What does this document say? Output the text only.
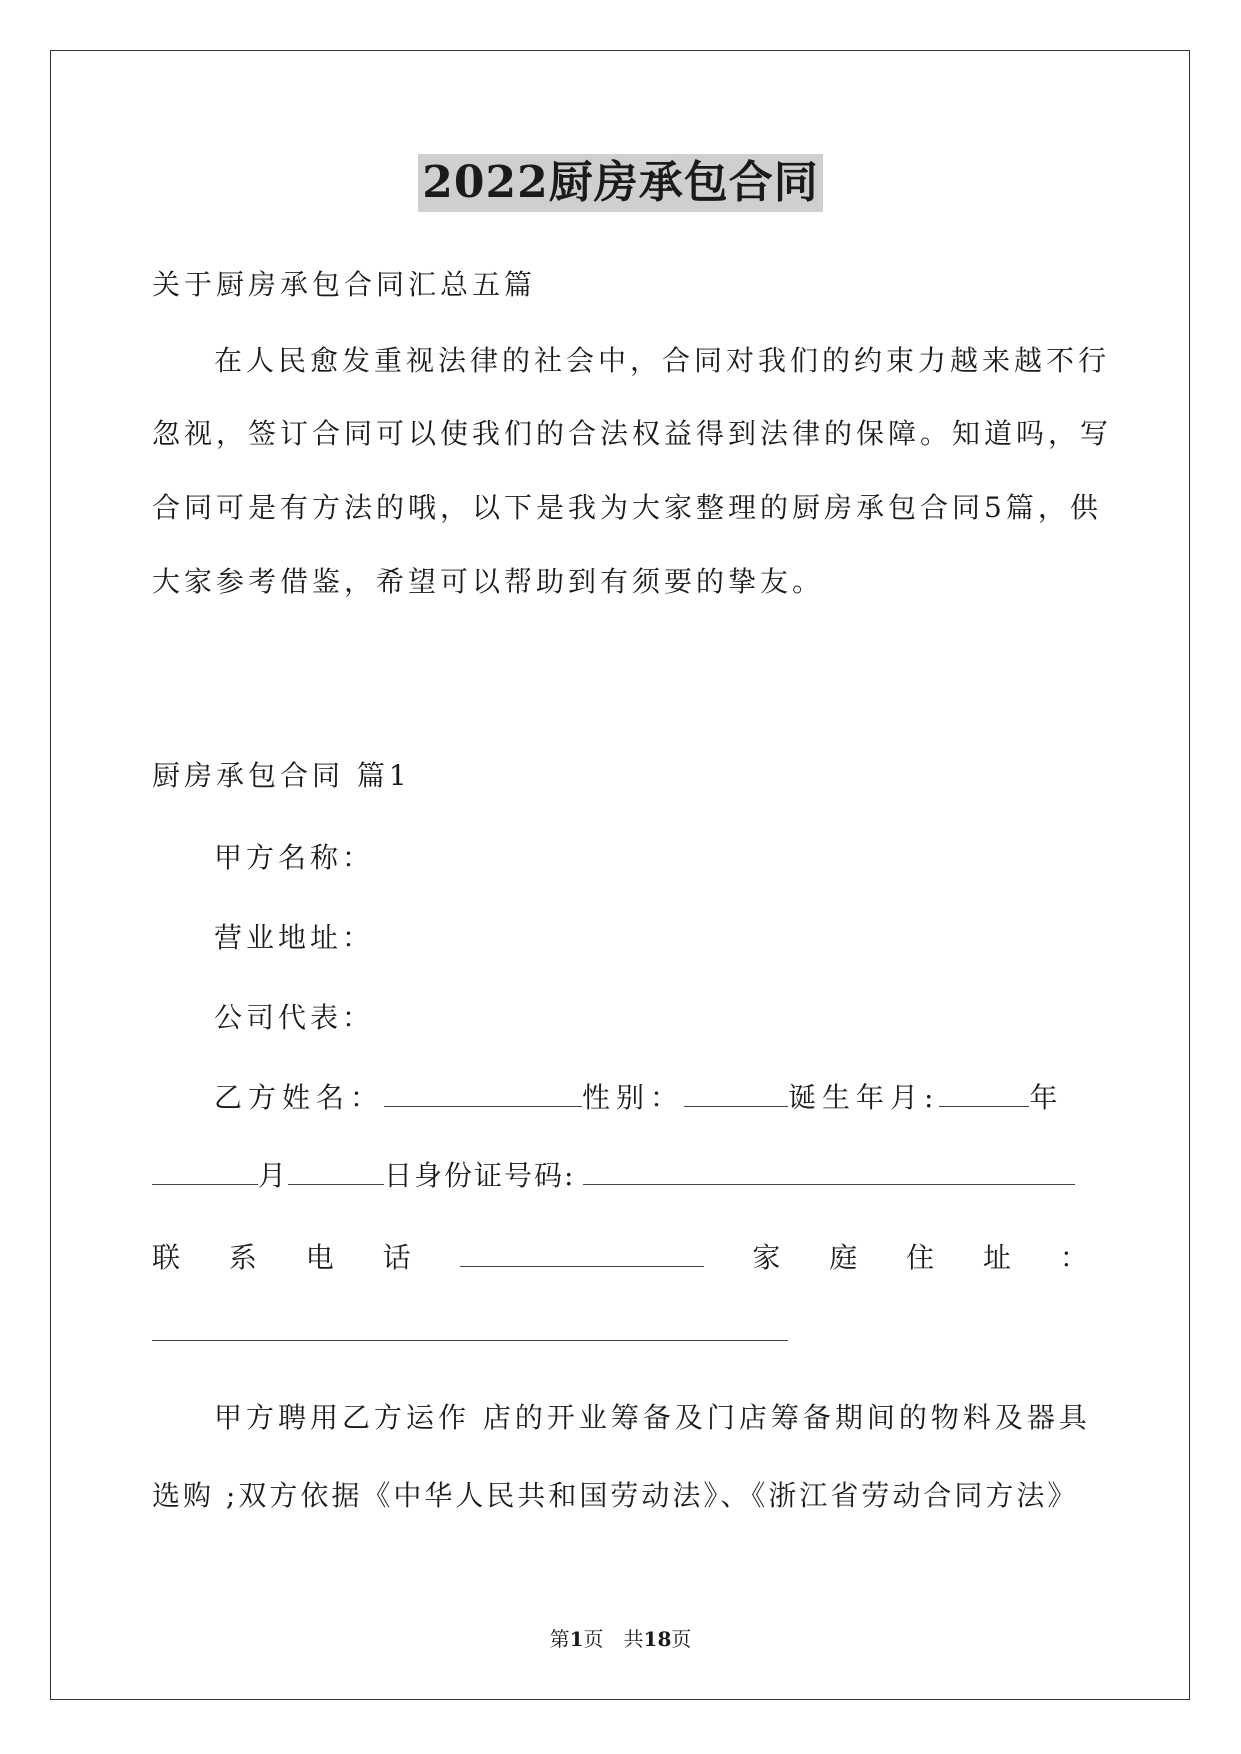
2022厨房承包合同
关于厨房承包合同汇总五篇
在人民愈发重视法律的社会中，合同对我们的约束力越来越不行
忽视，签订合同可以使我们的合法权益得到法律的保障。知道吗，写
合同可是有方法的哦，以下是我为大家整理的厨房承包合同5篇，供
大家参考借鉴，希望可以帮助到有须要的挚友。
厨房承包合同 篇1
甲方名称：
营业地址：
公司代表：
乙方姓名：	性别：	诞生年月:	年
月	日身份证号码:
联 系 电 话	家 庭 住 址 ：
甲方聘用乙方运作 店的开业筹备及门店筹备期间的物料及器具
选购 ;双方依据《中华人民共和国劳动法》、《浙江省劳动合同方法》
第1页 共18页
